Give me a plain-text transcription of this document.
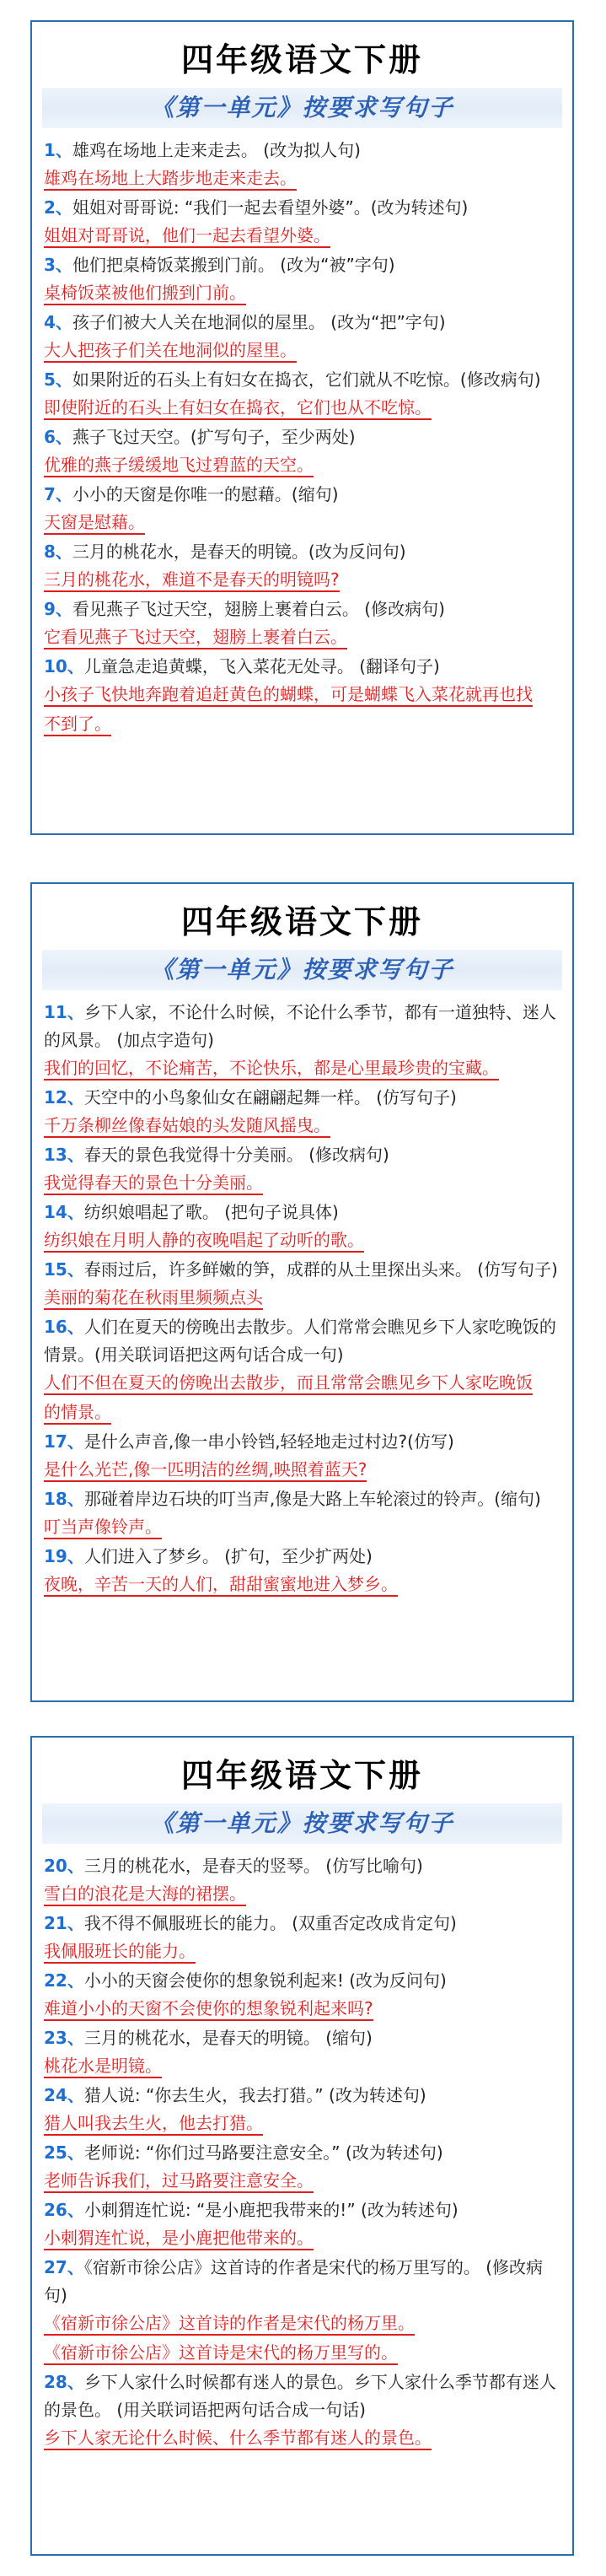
四年级语文下册
《第一单元》按要求写句子
1、雄鸡在场地上走来走去。 (改为拟人句)
雄鸡在场地上大踏步地走来走去。
2、姐姐对哥哥说: “我们一起去看望外婆”。(改为转述句)
姐姐对哥哥说，他们一起去看望外婆。
3、他们把桌椅饭菜搬到门前。 (改为“被”字句)
桌椅饭菜被他们搬到门前。
4、孩子们被大人关在地洞似的屋里。 (改为“把”字句)
大人把孩子们关在地洞似的屋里。
5、如果附近的石头上有妇女在捣衣，它们就从不吃惊。(修改病句)
即使附近的石头上有妇女在捣衣，它们也从不吃惊。
6、燕子飞过天空。(扩写句子，至少两处)
优雅的燕子缓缓地飞过碧蓝的天空。
7、小小的天窗是你唯一的慰藉。(缩句)
天窗是慰藉。
8、三月的桃花水，是春天的明镜。(改为反问句)
三月的桃花水，难道不是春天的明镜吗?
9、看见燕子飞过天空，翅膀上裹着白云。 (修改病句)
它看见燕子飞过天空，翅膀上裹着白云。
10、儿童急走追黄蝶，飞入菜花无处寻。 (翻译句子)
小孩子飞快地奔跑着追赶黄色的蝴蝶，可是蝴蝶飞入菜花就再也找
不到了。
四年级语文下册
《第一单元》按要求写句子
11、乡下人家，不论什么时候，不论什么季节，都有一道独特、迷人的风景。 (加点字造句)
我们的回忆，不论痛苦，不论快乐，都是心里最珍贵的宝藏。
12、天空中的小鸟象仙女在翩翩起舞一样。 (仿写句子)
千万条柳丝像春姑娘的头发随风摇曳。
13、春天的景色我觉得十分美丽。 (修改病句)
我觉得春天的景色十分美丽。
14、纺织娘唱起了歌。 (把句子说具体)
纺织娘在月明人静的夜晚唱起了动听的歌。
15、春雨过后，许多鲜嫩的笋，成群的从土里探出头来。 (仿写句子)
美丽的菊花在秋雨里频频点头
16、人们在夏天的傍晚出去散步。人们常常会瞧见乡下人家吃晚饭的情景。(用关联词语把这两句话合成一句)
人们不但在夏天的傍晚出去散步，而且常常会瞧见乡下人家吃晚饭
的情景。
17、是什么声音,像一串小铃铛,轻轻地走过村边?(仿写)
是什么光芒,像一匹明洁的丝绸,映照着蓝天?
18、那碰着岸边石块的叮当声,像是大路上车轮滚过的铃声。(缩句)
叮当声像铃声。
19、人们进入了梦乡。 (扩句，至少扩两处)
夜晚，辛苦一天的人们，甜甜蜜蜜地进入梦乡。
四年级语文下册
《第一单元》按要求写句子
20、三月的桃花水，是春天的竖琴。 (仿写比喻句)
雪白的浪花是大海的裙摆。
21、我不得不佩服班长的能力。 (双重否定改成肯定句)
我佩服班长的能力。
22、小小的天窗会使你的想象锐利起来! (改为反问句)
难道小小的天窗不会使你的想象锐利起来吗?
23、三月的桃花水，是春天的明镜。 (缩句)
桃花水是明镜。
24、猎人说: “你去生火，我去打猎。” (改为转述句)
猎人叫我去生火，他去打猎。
25、老师说: “你们过马路要注意安全。” (改为转述句)
老师告诉我们，过马路要注意安全。
26、小刺猬连忙说: “是小鹿把我带来的!” (改为转述句)
小刺猬连忙说，是小鹿把他带来的。
27、《宿新市徐公店》这首诗的作者是宋代的杨万里写的。 (修改病句)
《宿新市徐公店》这首诗的作者是宋代的杨万里。
《宿新市徐公店》这首诗是宋代的杨万里写的。
28、乡下人家什么时候都有迷人的景色。乡下人家什么季节都有迷人的景色。 (用关联词语把两句话合成一句话)
乡下人家无论什么时候、什么季节都有迷人的景色。
